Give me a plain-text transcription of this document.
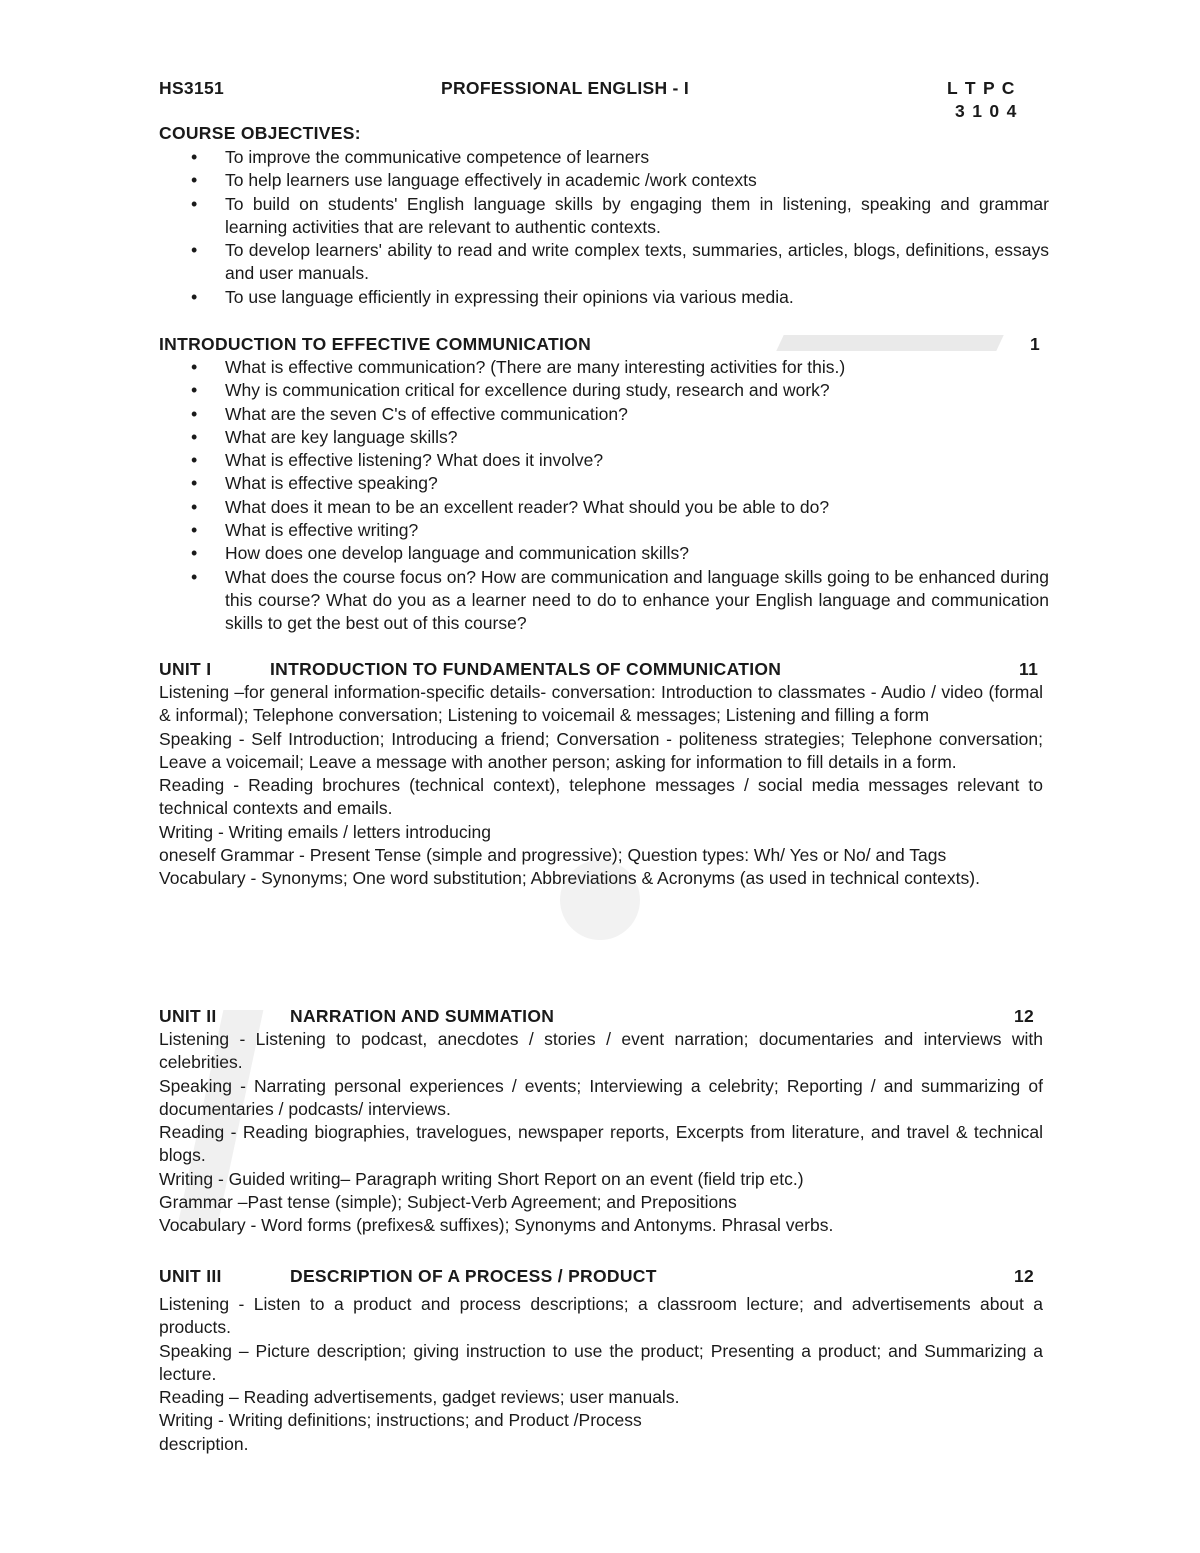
HS3151	PROFESSIONAL ENGLISH - I	L T P C
3 1 0 4
COURSE OBJECTIVES:
• To improve the communicative competence of learners
• To help learners use language effectively in academic /work contexts
• To build on students' English language skills by engaging them in listening, speaking and grammar learning activities that are relevant to authentic contexts.
• To develop learners' ability to read and write complex texts, summaries, articles, blogs, definitions, essays and user manuals.
• To use language efficiently in expressing their opinions via various media.
INTRODUCTION TO EFFECTIVE COMMUNICATION	1
• What is effective communication? (There are many interesting activities for this.)
• Why is communication critical for excellence during study, research and work?
• What are the seven C's of effective communication?
• What are key language skills?
• What is effective listening? What does it involve?
• What is effective speaking?
• What does it mean to be an excellent reader? What should you be able to do?
• What is effective writing?
• How does one develop language and communication skills?
• What does the course focus on? How are communication and language skills going to be enhanced during this course? What do you as a learner need to do to enhance your English language and communication skills to get the best out of this course?
UNIT I	INTRODUCTION TO FUNDAMENTALS OF COMMUNICATION	11

Listening –for general information-specific details- conversation: Introduction to classmates - Audio / video (formal & informal); Telephone conversation; Listening to voicemail & messages; Listening and filling a form

Speaking - Self Introduction; Introducing a friend; Conversation - politeness strategies; Telephone conversation; Leave a voicemail; Leave a message with another person; asking for information to fill details in a form.

Reading - Reading brochures (technical context), telephone messages / social media messages relevant to technical contexts and emails.

Writing - Writing emails / letters introducing

oneself Grammar - Present Tense (simple and progressive); Question types: Wh/ Yes or No/ and Tags

Vocabulary - Synonyms; One word substitution; Abbreviations & Acronyms (as used in technical contexts).

UNIT II	NARRATION AND SUMMATION	12

Listening - Listening to podcast, anecdotes / stories / event narration; documentaries and interviews with celebrities.

Speaking - Narrating personal experiences / events; Interviewing a celebrity; Reporting / and summarizing of documentaries / podcasts/ interviews.

Reading - Reading biographies, travelogues, newspaper reports, Excerpts from literature, and travel & technical blogs.

Writing - Guided writing– Paragraph writing Short Report on an event (field trip etc.)

Grammar –Past tense (simple); Subject-Verb Agreement; and Prepositions

Vocabulary - Word forms (prefixes& suffixes); Synonyms and Antonyms. Phrasal verbs.

UNIT III	DESCRIPTION OF A PROCESS / PRODUCT	12

Listening - Listen to a product and process descriptions; a classroom lecture; and advertisements about a products.

Speaking – Picture description; giving instruction to use the product; Presenting a product; and Summarizing a lecture.

Reading – Reading advertisements, gadget reviews; user manuals.

Writing - Writing definitions; instructions; and Product /Process

description.
